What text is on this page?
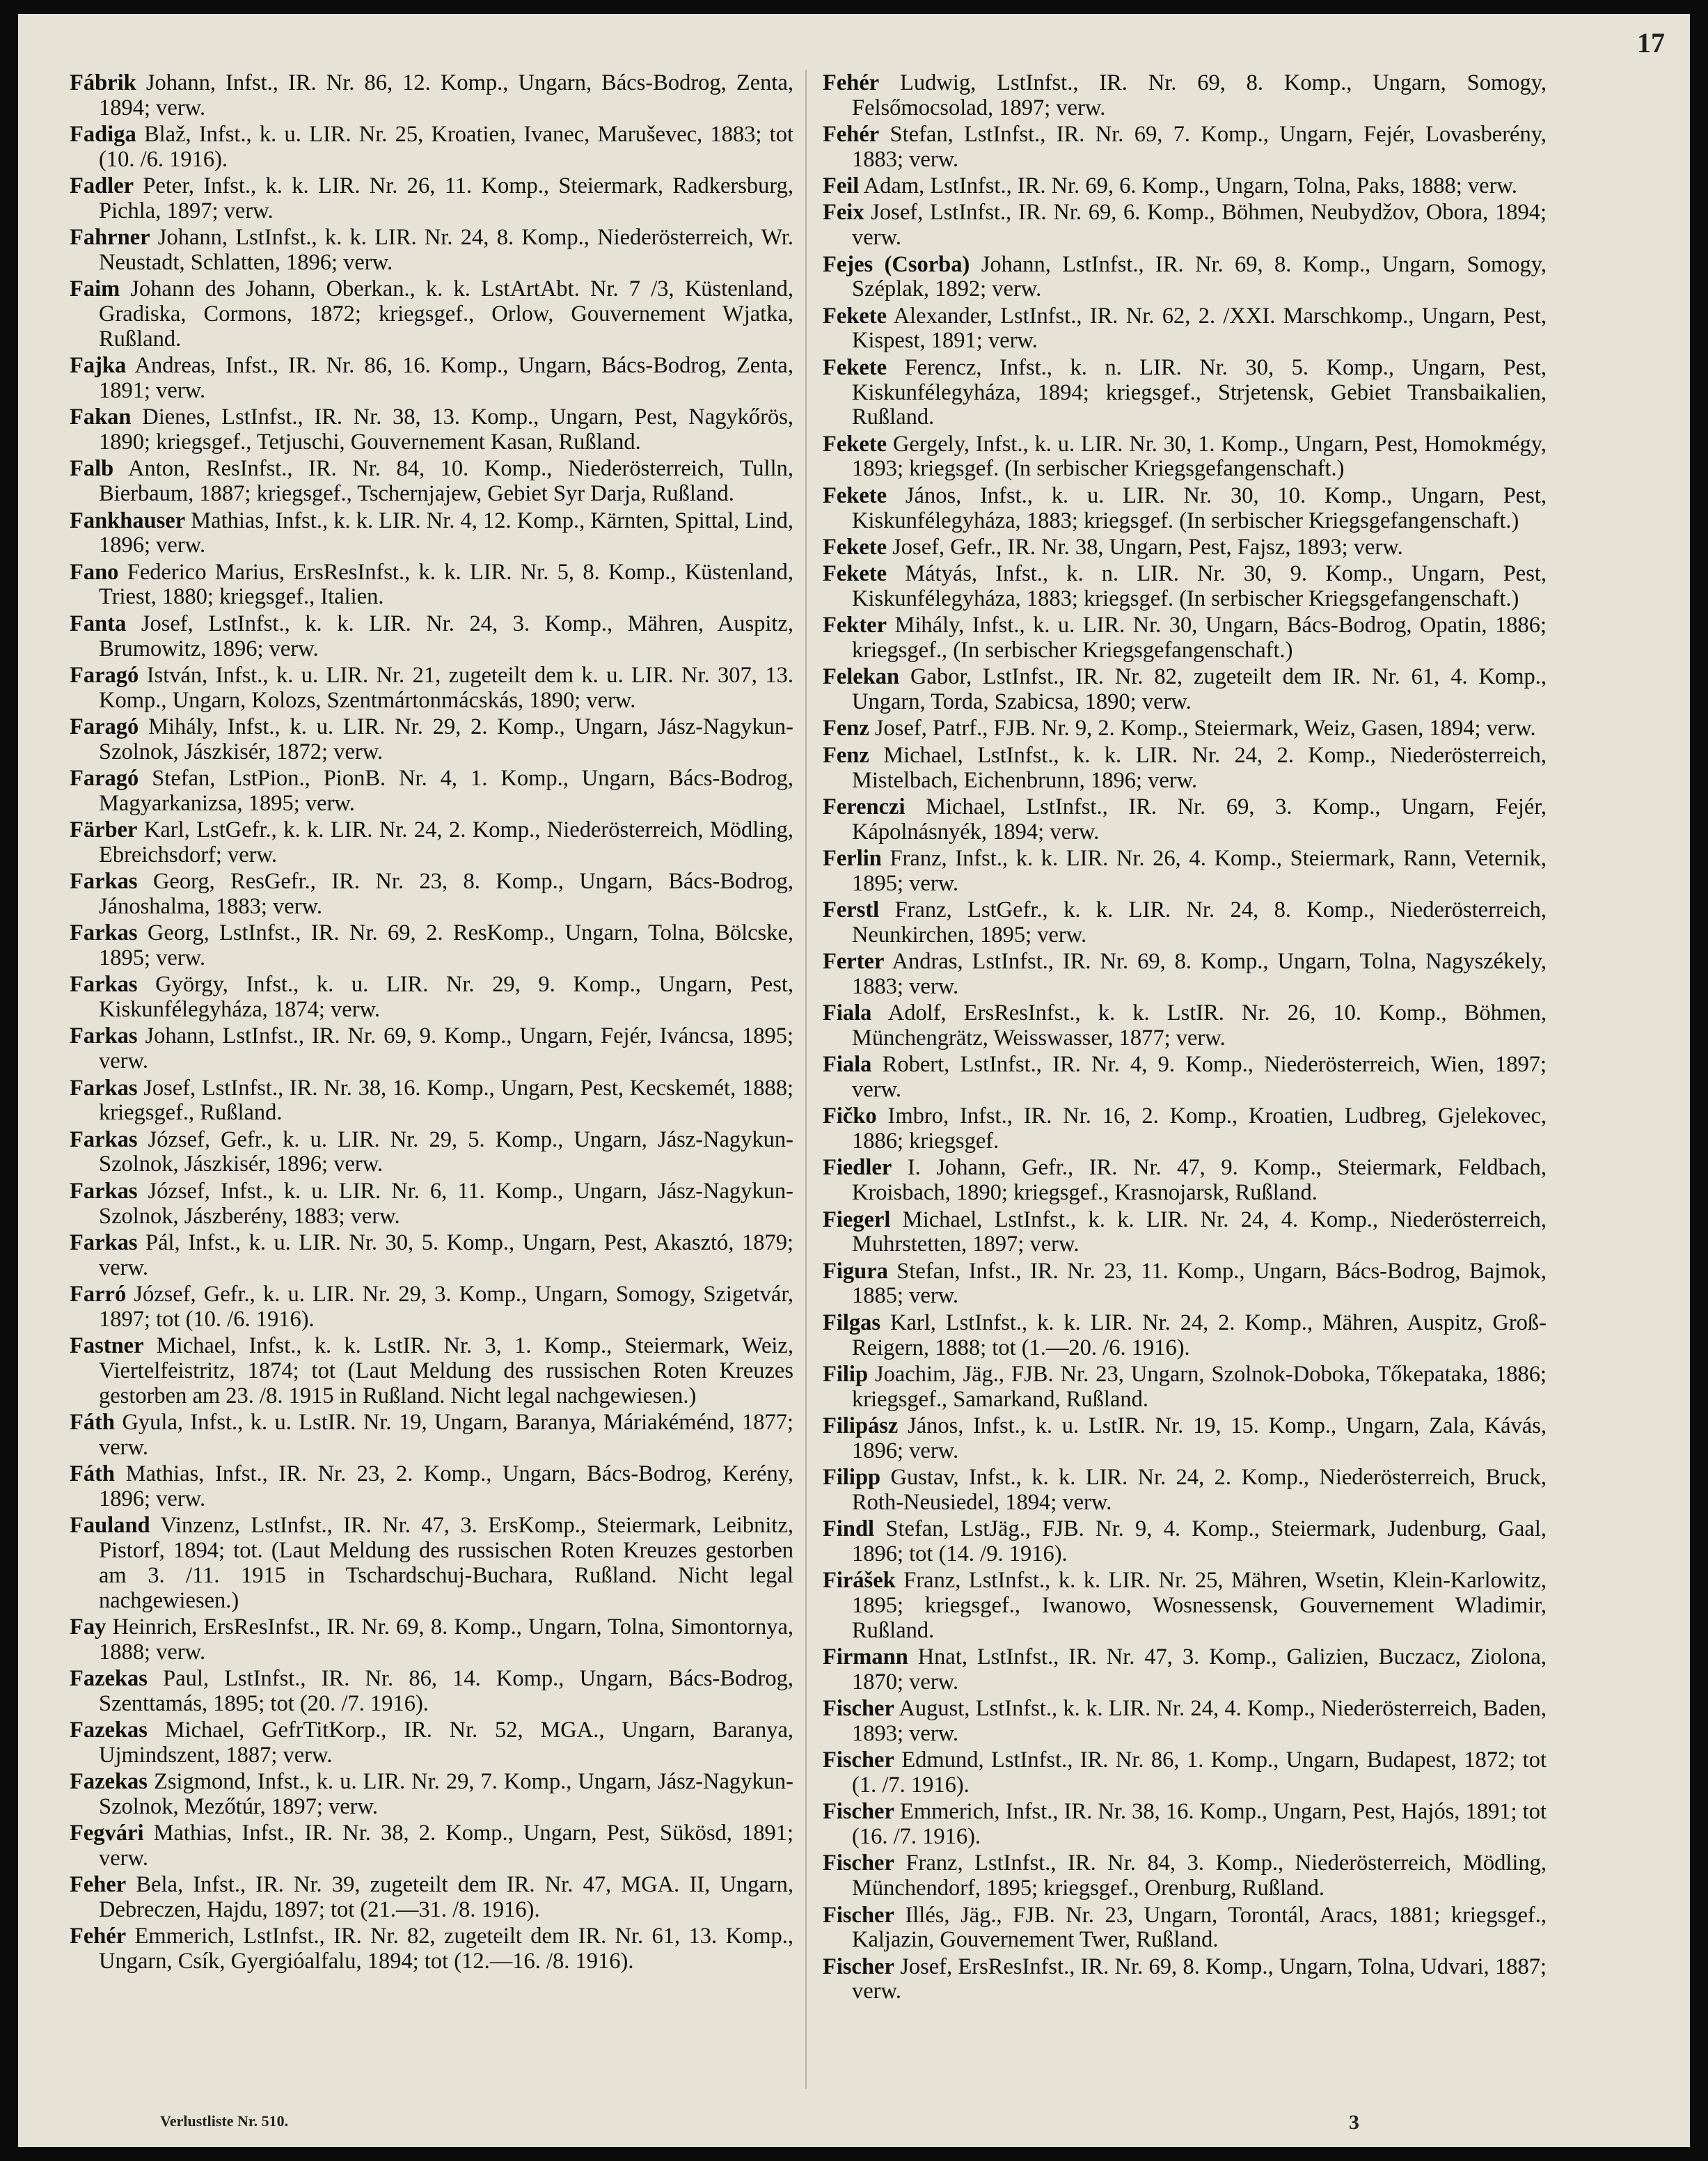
17

Fábrik Johann, Infst., IR. Nr. 86, 12. Komp., Ungarn, Bács-Bodrog, Zenta, 1894; verw.

Fadiga Blaž, Infst., k. u. LIR. Nr. 25, Kroatien, Ivanec, Maruševec, 1883; tot (10. /6. 1916).

Fadler Peter, Infst., k. k. LIR. Nr. 26, 11. Komp., Steiermark, Radkersburg, Pichla, 1897; verw.

Fahrner Johann, LstInfst., k. k. LIR. Nr. 24, 8. Komp., Niederösterreich, Wr. Neustadt, Schlatten, 1896; verw.

Faim Johann des Johann, Oberkan., k. k. LstArtAbt. Nr. 7 /3, Küstenland, Gradiska, Cormons, 1872; kriegsgef., Orlow, Gouvernement Wjatka, Rußland.

Fajka Andreas, Infst., IR. Nr. 86, 16. Komp., Ungarn, Bács-Bodrog, Zenta, 1891; verw.

Fakan Dienes, LstInfst., IR. Nr. 38, 13. Komp., Ungarn, Pest, Nagykőrös, 1890; kriegsgef., Tetjuschi, Gouvernement Kasan, Rußland.

Falb Anton, ResInfst., IR. Nr. 84, 10. Komp., Niederösterreich, Tulln, Bierbaum, 1887; kriegsgef., Tschernjajew, Gebiet Syr Darja, Rußland.

Fankhauser Mathias, Infst., k. k. LIR. Nr. 4, 12. Komp., Kärnten, Spittal, Lind, 1896; verw.

Fano Federico Marius, ErsResInfst., k. k. LIR. Nr. 5, 8. Komp., Küstenland, Triest, 1880; kriegsgef., Italien.

Fanta Josef, LstInfst., k. k. LIR. Nr. 24, 3. Komp., Mähren, Auspitz, Brumowitz, 1896; verw.

Faragó István, Infst., k. u. LIR. Nr. 21, zugeteilt dem k. u. LIR. Nr. 307, 13. Komp., Ungarn, Kolozs, Szentmártonmácskás, 1890; verw.

Faragó Mihály, Infst., k. u. LIR. Nr. 29, 2. Komp., Ungarn, Jász-Nagykun-Szolnok, Jászkisér, 1872; verw.

Faragó Stefan, LstPion., PionB. Nr. 4, 1. Komp., Ungarn, Bács-Bodrog, Magyarkanizsa, 1895; verw.

Färber Karl, LstGefr., k. k. LIR. Nr. 24, 2. Komp., Niederösterreich, Mödling, Ebreichsdorf; verw.

Farkas Georg, ResGefr., IR. Nr. 23, 8. Komp., Ungarn, Bács-Bodrog, Jánoshalma, 1883; verw.

Farkas Georg, LstInfst., IR. Nr. 69, 2. ResKomp., Ungarn, Tolna, Bölcske, 1895; verw.

Farkas György, Infst., k. u. LIR. Nr. 29, 9. Komp., Ungarn, Pest, Kiskunfélegyháza, 1874; verw.

Farkas Johann, LstInfst., IR. Nr. 69, 9. Komp., Ungarn, Fejér, Iváncsa, 1895; verw.

Farkas Josef, LstInfst., IR. Nr. 38, 16. Komp., Ungarn, Pest, Kecskemét, 1888; kriegsgef., Rußland.

Farkas József, Gefr., k. u. LIR. Nr. 29, 5. Komp., Ungarn, Jász-Nagykun-Szolnok, Jászkisér, 1896; verw.

Farkas József, Infst., k. u. LIR. Nr. 6, 11. Komp., Ungarn, Jász-Nagykun-Szolnok, Jászberény, 1883; verw.

Farkas Pál, Infst., k. u. LIR. Nr. 30, 5. Komp., Ungarn, Pest, Akasztó, 1879; verw.

Farró József, Gefr., k. u. LIR. Nr. 29, 3. Komp., Ungarn, Somogy, Szigetvár, 1897; tot (10. /6. 1916).

Fastner Michael, Infst., k. k. LstIR. Nr. 3, 1. Komp., Steiermark, Weiz, Viertelfeistritz, 1874; tot (Laut Meldung des russischen Roten Kreuzes gestorben am 23. /8. 1915 in Rußland. Nicht legal nachgewiesen.)

Fáth Gyula, Infst., k. u. LstIR. Nr. 19, Ungarn, Baranya, Máriakéménd, 1877; verw.

Fáth Mathias, Infst., IR. Nr. 23, 2. Komp., Ungarn, Bács-Bodrog, Kerény, 1896; verw.

Fauland Vinzenz, LstInfst., IR. Nr. 47, 3. ErsKomp., Steiermark, Leibnitz, Pistorf, 1894; tot. (Laut Meldung des russischen Roten Kreuzes gestorben am 3. /11. 1915 in Tschardschuj-Buchara, Rußland. Nicht legal nachgewiesen.)

Fay Heinrich, ErsResInfst., IR. Nr. 69, 8. Komp., Ungarn, Tolna, Simontornya, 1888; verw.

Fazekas Paul, LstInfst., IR. Nr. 86, 14. Komp., Ungarn, Bács-Bodrog, Szenttamás, 1895; tot (20. /7. 1916).

Fazekas Michael, GefrTitKorp., IR. Nr. 52, MGA., Ungarn, Baranya, Ujmindszent, 1887; verw.

Fazekas Zsigmond, Infst., k. u. LIR. Nr. 29, 7. Komp., Ungarn, Jász-Nagykun-Szolnok, Mezőtúr, 1897; verw.

Fegvári Mathias, Infst., IR. Nr. 38, 2. Komp., Ungarn, Pest, Sükösd, 1891; verw.

Feher Bela, Infst., IR. Nr. 39, zugeteilt dem IR. Nr. 47, MGA. II, Ungarn, Debreczen, Hajdu, 1897; tot (21.—31. /8. 1916).

Fehér Emmerich, LstInfst., IR. Nr. 82, zugeteilt dem IR. Nr. 61, 13. Komp., Ungarn, Csík, Gyergióalfalu, 1894; tot (12.—16. /8. 1916).

Fehér Ludwig, LstInfst., IR. Nr. 69, 8. Komp., Ungarn, Somogy, Felsőmocsolad, 1897; verw.

Fehér Stefan, LstInfst., IR. Nr. 69, 7. Komp., Ungarn, Fejér, Lovasberény, 1883; verw.

Feil Adam, LstInfst., IR. Nr. 69, 6. Komp., Ungarn, Tolna, Paks, 1888; verw.

Feix Josef, LstInfst., IR. Nr. 69, 6. Komp., Böhmen, Neubydžov, Obora, 1894; verw.

Fejes (Csorba) Johann, LstInfst., IR. Nr. 69, 8. Komp., Ungarn, Somogy, Széplak, 1892; verw.

Fekete Alexander, LstInfst., IR. Nr. 62, 2. /XXI. Marschkomp., Ungarn, Pest, Kispest, 1891; verw.

Fekete Ferencz, Infst., k. n. LIR. Nr. 30, 5. Komp., Ungarn, Pest, Kiskunfélegyháza, 1894; kriegsgef., Strjetensk, Gebiet Transbaikalien, Rußland.

Fekete Gergely, Infst., k. u. LIR. Nr. 30, 1. Komp., Ungarn, Pest, Homokmégy, 1893; kriegsgef. (In serbischer Kriegsgefangenschaft.)

Fekete János, Infst., k. u. LIR. Nr. 30, 10. Komp., Ungarn, Pest, Kiskunfélegyháza, 1883; kriegsgef. (In serbischer Kriegsgefangenschaft.)

Fekete Josef, Gefr., IR. Nr. 38, Ungarn, Pest, Fajsz, 1893; verw.

Fekete Mátyás, Infst., k. n. LIR. Nr. 30, 9. Komp., Ungarn, Pest, Kiskunfélegyháza, 1883; kriegsgef. (In serbischer Kriegsgefangenschaft.)

Fekter Mihály, Infst., k. u. LIR. Nr. 30, Ungarn, Bács-Bodrog, Opatin, 1886; kriegsgef., (In serbischer Kriegsgefangenschaft.)

Felekan Gabor, LstInfst., IR. Nr. 82, zugeteilt dem IR. Nr. 61, 4. Komp., Ungarn, Torda, Szabicsa, 1890; verw.

Fenz Josef, Patrf., FJB. Nr. 9, 2. Komp., Steiermark, Weiz, Gasen, 1894; verw.

Fenz Michael, LstInfst., k. k. LIR. Nr. 24, 2. Komp., Niederösterreich, Mistelbach, Eichenbrunn, 1896; verw.

Ferenczi Michael, LstInfst., IR. Nr. 69, 3. Komp., Ungarn, Fejér, Kápolnásnyék, 1894; verw.

Ferlin Franz, Infst., k. k. LIR. Nr. 26, 4. Komp., Steiermark, Rann, Veternik, 1895; verw.

Ferstl Franz, LstGefr., k. k. LIR. Nr. 24, 8. Komp., Niederösterreich, Neunkirchen, 1895; verw.

Ferter Andras, LstInfst., IR. Nr. 69, 8. Komp., Ungarn, Tolna, Nagyszékely, 1883; verw.

Fiala Adolf, ErsResInfst., k. k. LstIR. Nr. 26, 10. Komp., Böhmen, Münchengrätz, Weisswasser, 1877; verw.

Fiala Robert, LstInfst., IR. Nr. 4, 9. Komp., Niederösterreich, Wien, 1897; verw.

Fičko Imbro, Infst., IR. Nr. 16, 2. Komp., Kroatien, Ludbreg, Gjelekovec, 1886; kriegsgef.

Fiedler I. Johann, Gefr., IR. Nr. 47, 9. Komp., Steiermark, Feldbach, Kroisbach, 1890; kriegsgef., Krasnojarsk, Rußland.

Fiegerl Michael, LstInfst., k. k. LIR. Nr. 24, 4. Komp., Niederösterreich, Muhrstetten, 1897; verw.

Figura Stefan, Infst., IR. Nr. 23, 11. Komp., Ungarn, Bács-Bodrog, Bajmok, 1885; verw.

Filgas Karl, LstInfst., k. k. LIR. Nr. 24, 2. Komp., Mähren, Auspitz, Groß-Reigern, 1888; tot (1.—20. /6. 1916).

Filip Joachim, Jäg., FJB. Nr. 23, Ungarn, Szolnok-Doboka, Tőkepataka, 1886; kriegsgef., Samarkand, Rußland.

Filipász János, Infst., k. u. LstIR. Nr. 19, 15. Komp., Ungarn, Zala, Kávás, 1896; verw.

Filipp Gustav, Infst., k. k. LIR. Nr. 24, 2. Komp., Niederösterreich, Bruck, Roth-Neusiedel, 1894; verw.

Findl Stefan, LstJäg., FJB. Nr. 9, 4. Komp., Steiermark, Judenburg, Gaal, 1896; tot (14. /9. 1916).

Firášek Franz, LstInfst., k. k. LIR. Nr. 25, Mähren, Wsetin, Klein-Karlowitz, 1895; kriegsgef., Iwanowo, Wosnessensk, Gouvernement Wladimir, Rußland.

Firmann Hnat, LstInfst., IR. Nr. 47, 3. Komp., Galizien, Buczacz, Ziolona, 1870; verw.

Fischer August, LstInfst., k. k. LIR. Nr. 24, 4. Komp., Niederösterreich, Baden, 1893; verw.

Fischer Edmund, LstInfst., IR. Nr. 86, 1. Komp., Ungarn, Budapest, 1872; tot (1. /7. 1916).

Fischer Emmerich, Infst., IR. Nr. 38, 16. Komp., Ungarn, Pest, Hajós, 1891; tot (16. /7. 1916).

Fischer Franz, LstInfst., IR. Nr. 84, 3. Komp., Niederösterreich, Mödling, Münchendorf, 1895; kriegsgef., Orenburg, Rußland.

Fischer Illés, Jäg., FJB. Nr. 23, Ungarn, Torontál, Aracs, 1881; kriegsgef., Kaljazin, Gouvernement Twer, Rußland.

Fischer Josef, ErsResInfst., IR. Nr. 69, 8. Komp., Ungarn, Tolna, Udvari, 1887; verw.

Verlustliste Nr. 510.	3
